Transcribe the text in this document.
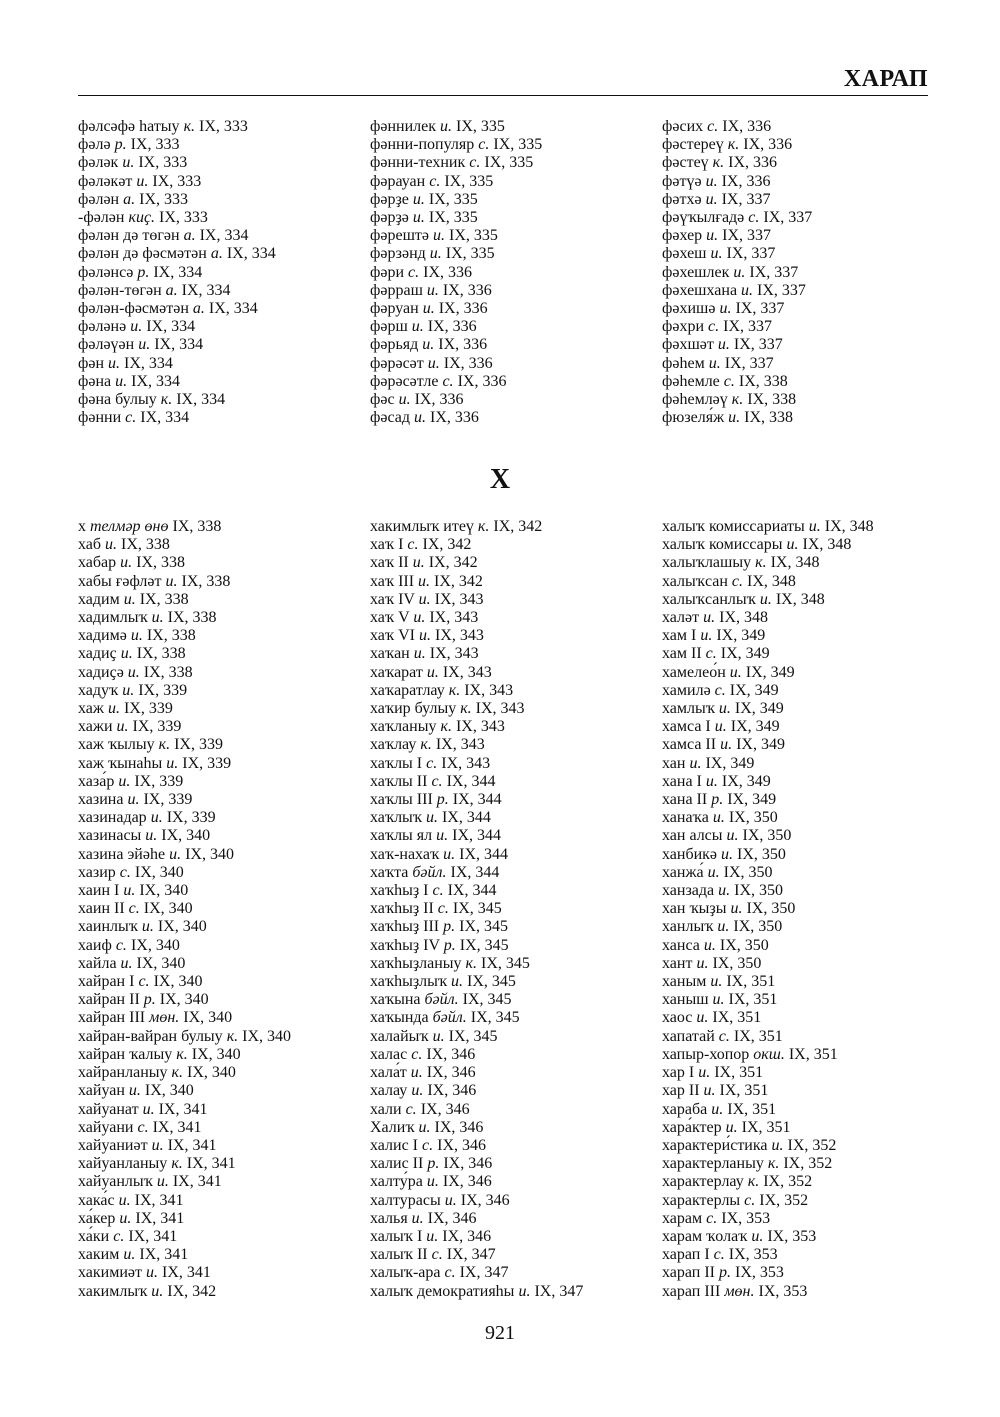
ХАРАП
фәлсәфә һатыу к. IX, 333
фәлә р. IX, 333
фәләк и. IX, 333
фәләкәт и. IX, 333
фәлән а. IX, 333
-фәлән киҫ. IX, 333
фәлән дә төгән а. IX, 334
фәлән дә фәсмәтән а. IX, 334
фәләнсә р. IX, 334
фәлән-төгән а. IX, 334
фәлән-фәсмәтән а. IX, 334
фәләнә и. IX, 334
фәләүән и. IX, 334
фән и. IX, 334
фәна и. IX, 334
фәна булыу к. IX, 334
фәнни с. IX, 334
фәннилек и. IX, 335
фәнни-популяр с. IX, 335
фәнни-техник с. IX, 335
фәрауан с. IX, 335
фәрҙе и. IX, 335
фәрҙә и. IX, 335
фәрештә и. IX, 335
фәрзәнд и. IX, 335
фәри с. IX, 336
фәрраш и. IX, 336
фәруан и. IX, 336
фәрш и. IX, 336
фәрьяд и. IX, 336
фәрәсәт и. IX, 336
фәрәсәтле с. IX, 336
фәс и. IX, 336
фәсад и. IX, 336
фәсих с. IX, 336
фәстереү к. IX, 336
фәстеү к. IX, 336
фәтүә и. IX, 336
фәтхә и. IX, 337
фәүҡылғадә с. IX, 337
фәхер и. IX, 337
фәхеш и. IX, 337
фәхешлек и. IX, 337
фәхешхана и. IX, 337
фәхишә и. IX, 337
фәхри с. IX, 337
фәхшәт и. IX, 337
фәһем и. IX, 337
фәһемле с. IX, 338
фәһемләү к. IX, 338
фюзеля́ж и. IX, 338
Х
х телмәр өнө IX, 338
хаб и. IX, 338
хабар и. IX, 338
хабы ғәфләт и. IX, 338
хадим и. IX, 338
хадимлыҡ и. IX, 338
хадимә и. IX, 338
хадиҫ и. IX, 338
хадиҫә и. IX, 338
хадуҡ и. IX, 339
хаж и. IX, 339
хажи и. IX, 339
хаж ҡылыу к. IX, 339
хаж ҡынаһы и. IX, 339
хаза́р и. IX, 339
хазина и. IX, 339
хазинадар и. IX, 339
хазинасы и. IX, 340
хазина эйәһе и. IX, 340
хазир с. IX, 340
хаин I и. IX, 340
хаин II с. IX, 340
хаинлыҡ и. IX, 340
хаиф с. IX, 340
хайла и. IX, 340
хайран I с. IX, 340
хайран II р. IX, 340
хайран III мөн. IX, 340
хайран-вайран булыу к. IX, 340
хайран ҡалыу к. IX, 340
хайранланыу к. IX, 340
хайуан и. IX, 340
хайуанат и. IX, 341
хайуани с. IX, 341
хайуаниәт и. IX, 341
хайуанланыу к. IX, 341
хайуанлыҡ и. IX, 341
хака́с и. IX, 341
ха́кер и. IX, 341
ха́ки с. IX, 341
хаким и. IX, 341
хакимиәт и. IX, 341
хакимлыҡ и. IX, 342
хакимлыҡ итеү к. IX, 342
хаҡ I с. IX, 342
хаҡ II и. IX, 342
хаҡ III и. IX, 342
хаҡ IV и. IX, 343
хаҡ V и. IX, 343
хаҡ VI и. IX, 343
хаҡан и. IX, 343
хаҡарат и. IX, 343
хаҡаратлау к. IX, 343
хаҡир булыу к. IX, 343
хаҡланыу к. IX, 343
хаҡлау к. IX, 343
хаҡлы I с. IX, 343
хаҡлы II с. IX, 344
хаҡлы III р. IX, 344
хаҡлыҡ и. IX, 344
хаҡлы ял и. IX, 344
хаҡ-нахаҡ и. IX, 344
хаҡта бәйл. IX, 344
хаҡһыҙ I с. IX, 344
хаҡһыҙ II с. IX, 345
хаҡһыҙ III р. IX, 345
хаҡһыҙ IV р. IX, 345
хаҡһыҙланыу к. IX, 345
хаҡһыҙлыҡ и. IX, 345
хаҡына бәйл. IX, 345
хаҡында бәйл. IX, 345
халайыҡ и. IX, 345
халас с. IX, 346
хала́т и. IX, 346
халау и. IX, 346
хали с. IX, 346
Халиҡ и. IX, 346
халис I с. IX, 346
халис II р. IX, 346
халту́ра и. IX, 346
халтурасы и. IX, 346
халья и. IX, 346
халыҡ I и. IX, 346
халыҡ II с. IX, 347
халыҡ-ара с. IX, 347
халыҡ демократияһы и. IX, 347
халыҡ комиссариаты и. IX, 348
халыҡ комиссары и. IX, 348
халыҡлашыу к. IX, 348
халыҡсан с. IX, 348
халыҡсанлыҡ и. IX, 348
халәт и. IX, 348
хам I и. IX, 349
хам II с. IX, 349
хамелео́н и. IX, 349
хамилә с. IX, 349
хамлыҡ и. IX, 349
хамса I и. IX, 349
хамса II и. IX, 349
хан и. IX, 349
хана I и. IX, 349
хана II р. IX, 349
ханаҡа и. IX, 350
хан алсы и. IX, 350
ханбикә и. IX, 350
ханжа́ и. IX, 350
ханзада и. IX, 350
хан ҡыҙы и. IX, 350
ханлыҡ и. IX, 350
ханса и. IX, 350
хант и. IX, 350
ханым и. IX, 351
ханыш и. IX, 351
хаос и. IX, 351
хапатай с. IX, 351
хапыр-хопор окш. IX, 351
хар I и. IX, 351
хар II и. IX, 351
хараба и. IX, 351
хара́ктер и. IX, 351
характери́стика и. IX, 352
характерланыу к. IX, 352
характерлау к. IX, 352
характерлы с. IX, 352
харам с. IX, 353
харам ҡолаҡ и. IX, 353
харап I с. IX, 353
харап II р. IX, 353
харап III мөн. IX, 353
921
